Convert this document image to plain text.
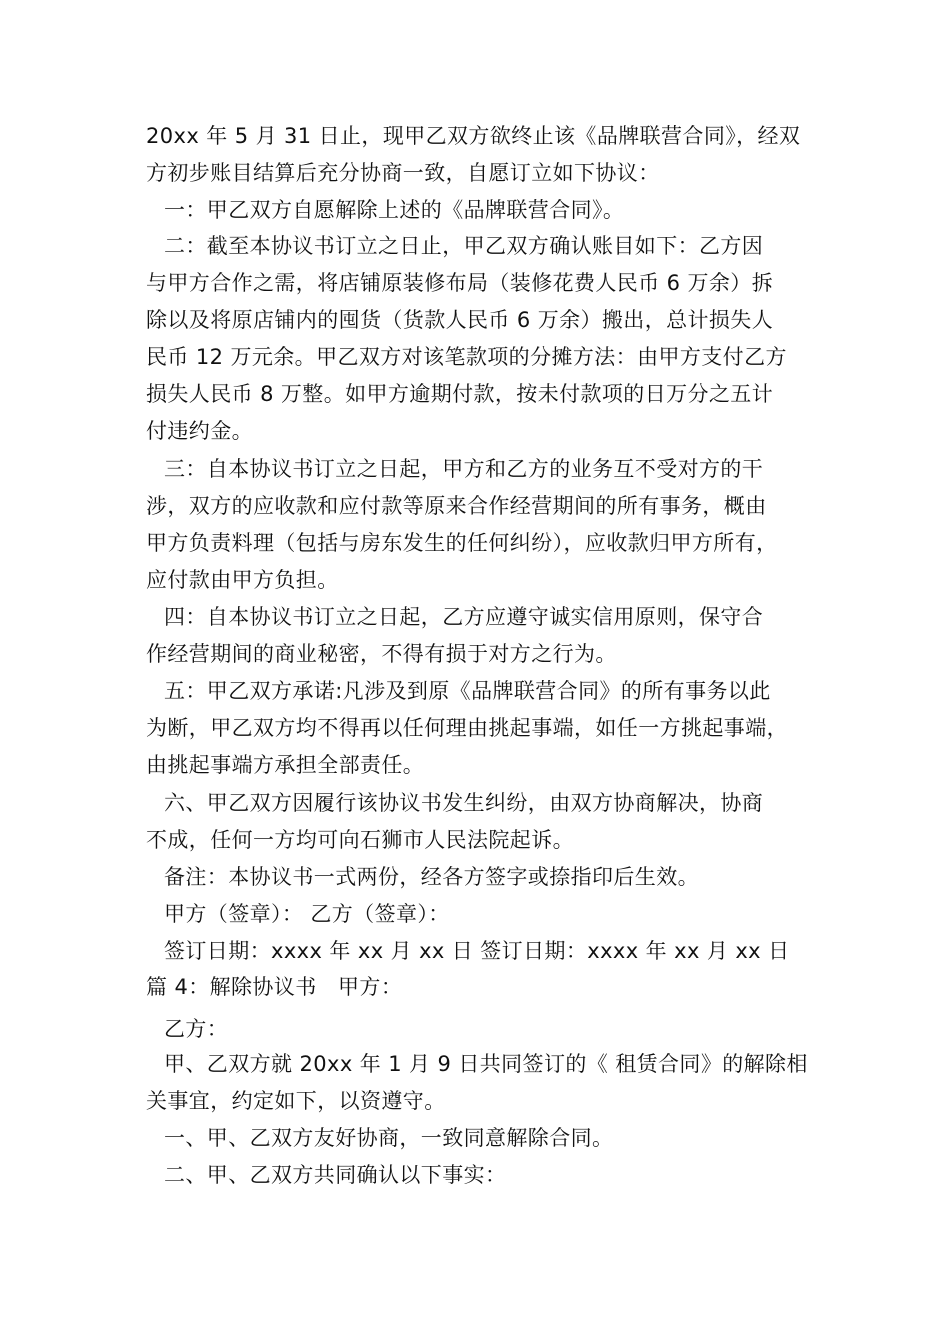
20xx 年 5 月 31 日止，现甲乙双方欲终止该《品牌联营合同》，经双
方初步账目结算后充分协商一致，自愿订立如下协议：
一：甲乙双方自愿解除上述的《品牌联营合同》。
二：截至本协议书订立之日止，甲乙双方确认账目如下：乙方因
与甲方合作之需，将店铺原装修布局（装修花费人民币 6 万余）拆
除以及将原店铺内的囤货（货款人民币 6 万余）搬出，总计损失人
民币 12 万元余。甲乙双方对该笔款项的分摊方法：由甲方支付乙方
损失人民币 8 万整。如甲方逾期付款，按未付款项的日万分之五计
付违约金。
三：自本协议书订立之日起，甲方和乙方的业务互不受对方的干
涉，双方的应收款和应付款等原来合作经营期间的所有事务，概由
甲方负责料理（包括与房东发生的任何纠纷），应收款归甲方所有，
应付款由甲方负担。
四：自本协议书订立之日起，乙方应遵守诚实信用原则，保守合
作经营期间的商业秘密，不得有损于对方之行为。
五：甲乙双方承诺:凡涉及到原《品牌联营合同》的所有事务以此
为断，甲乙双方均不得再以任何理由挑起事端，如任一方挑起事端，
由挑起事端方承担全部责任。
六、甲乙双方因履行该协议书发生纠纷，由双方协商解决，协商
不成，任何一方均可向石狮市人民法院起诉。
备注：本协议书一式两份，经各方签字或捺指印后生效。
甲方（签章）： 乙方（签章）：
签订日期：xxxx 年 xx 月 xx 日 签订日期：xxxx 年 xx 月 xx 日
篇 4：解除协议书　甲方：
乙方：
甲、乙双方就 20xx 年 1 月 9 日共同签订的《 租赁合同》的解除相
关事宜，约定如下，以资遵守。
一、甲、乙双方友好协商，一致同意解除合同。
二、甲、乙双方共同确认以下事实：
